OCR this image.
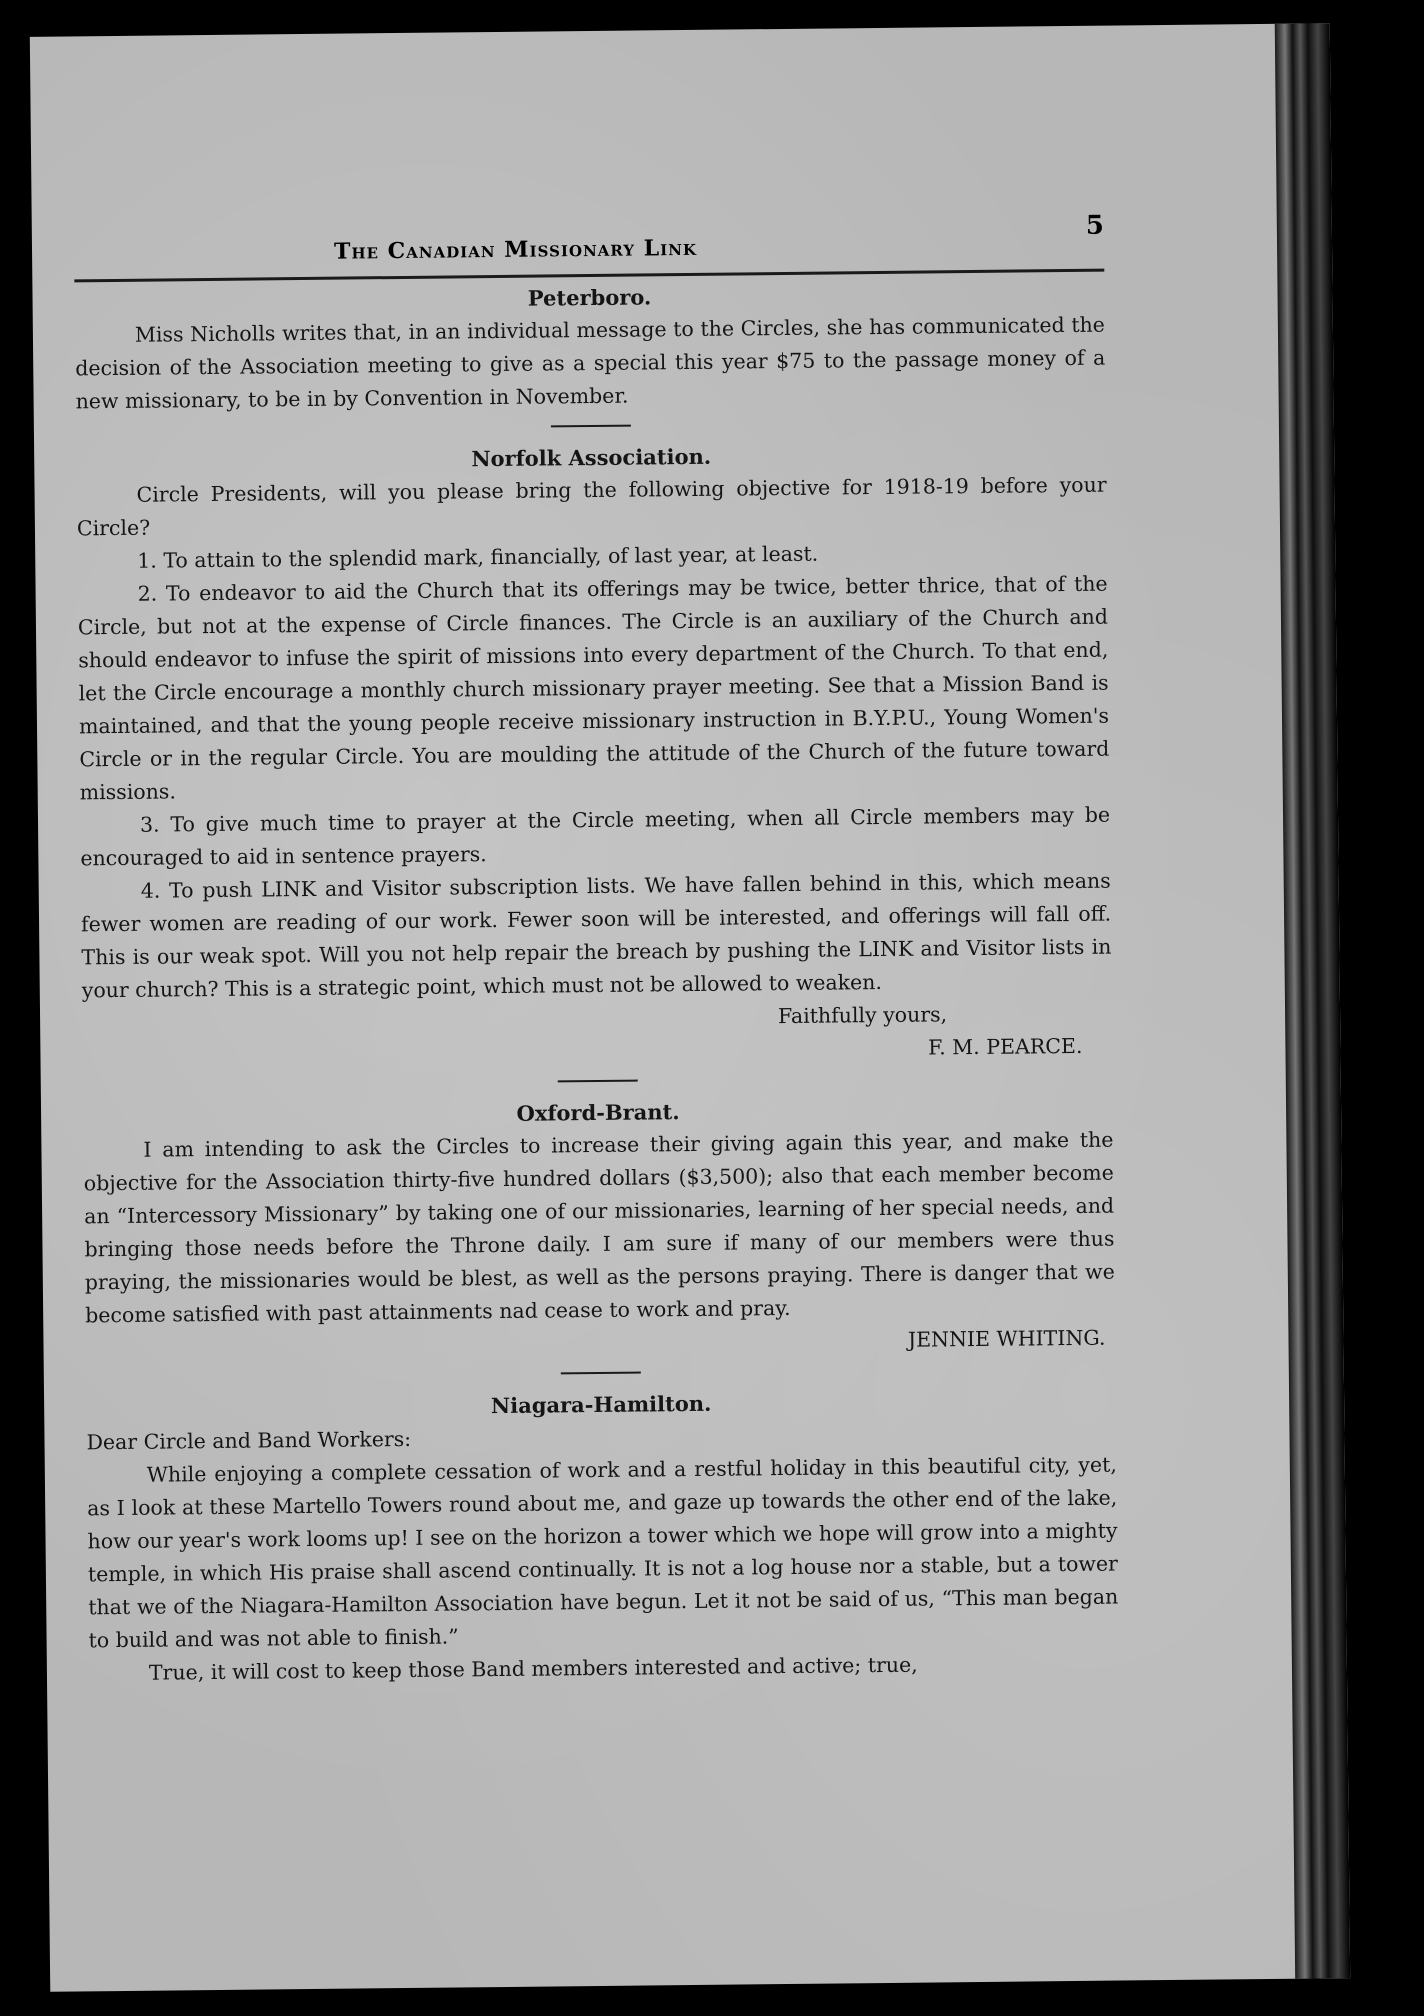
The Canadian Missionary Link
5
Peterboro.

Miss Nicholls writes that, in an individual message to the Circles, she has communicated the decision of the Association meeting to give as a special this year $75 to the passage money of a new missionary, to be in by Convention in November.

Norfolk Association.

Circle Presidents, will you please bring the following objective for 1918-19 before your Circle?

1. To attain to the splendid mark, financially, of last year, at least.

2. To endeavor to aid the Church that its offerings may be twice, better thrice, that of the Circle, but not at the expense of Circle finances. The Circle is an auxiliary of the Church and should endeavor to infuse the spirit of missions into every department of the Church. To that end, let the Circle encourage a monthly church missionary prayer meeting. See that a Mission Band is maintained, and that the young people receive missionary instruction in B.Y.P.U., Young Women's Circle or in the regular Circle. You are moulding the attitude of the Church of the future toward missions.

3. To give much time to prayer at the Circle meeting, when all Circle members may be encouraged to aid in sentence prayers.

4. To push LINK and Visitor subscription lists. We have fallen behind in this, which means fewer women are reading of our work. Fewer soon will be interested, and offerings will fall off. This is our weak spot. Will you not help repair the breach by pushing the LINK and Visitor lists in your church? This is a strategic point, which must not be allowed to weaken.

Faithfully yours,

F. M. PEARCE.

Oxford-Brant.

I am intending to ask the Circles to increase their giving again this year, and make the objective for the Association thirty-five hundred dollars ($3,500); also that each member become an “Intercessory Missionary” by taking one of our missionaries, learning of her special needs, and bringing those needs before the Throne daily. I am sure if many of our members were thus praying, the missionaries would be blest, as well as the persons praying. There is danger that we become satisfied with past attainments nad cease to work and pray.

JENNIE WHITING.

Niagara-Hamilton.

Dear Circle and Band Workers:

While enjoying a complete cessation of work and a restful holiday in this beautiful city, yet, as I look at these Martello Towers round about me, and gaze up towards the other end of the lake, how our year's work looms up! I see on the horizon a tower which we hope will grow into a mighty temple, in which His praise shall ascend continually. It is not a log house nor a stable, but a tower that we of the Niagara-Hamilton Association have begun. Let it not be said of us, “This man began to build and was not able to finish.”

True, it will cost to keep those Band members interested and active; true,
